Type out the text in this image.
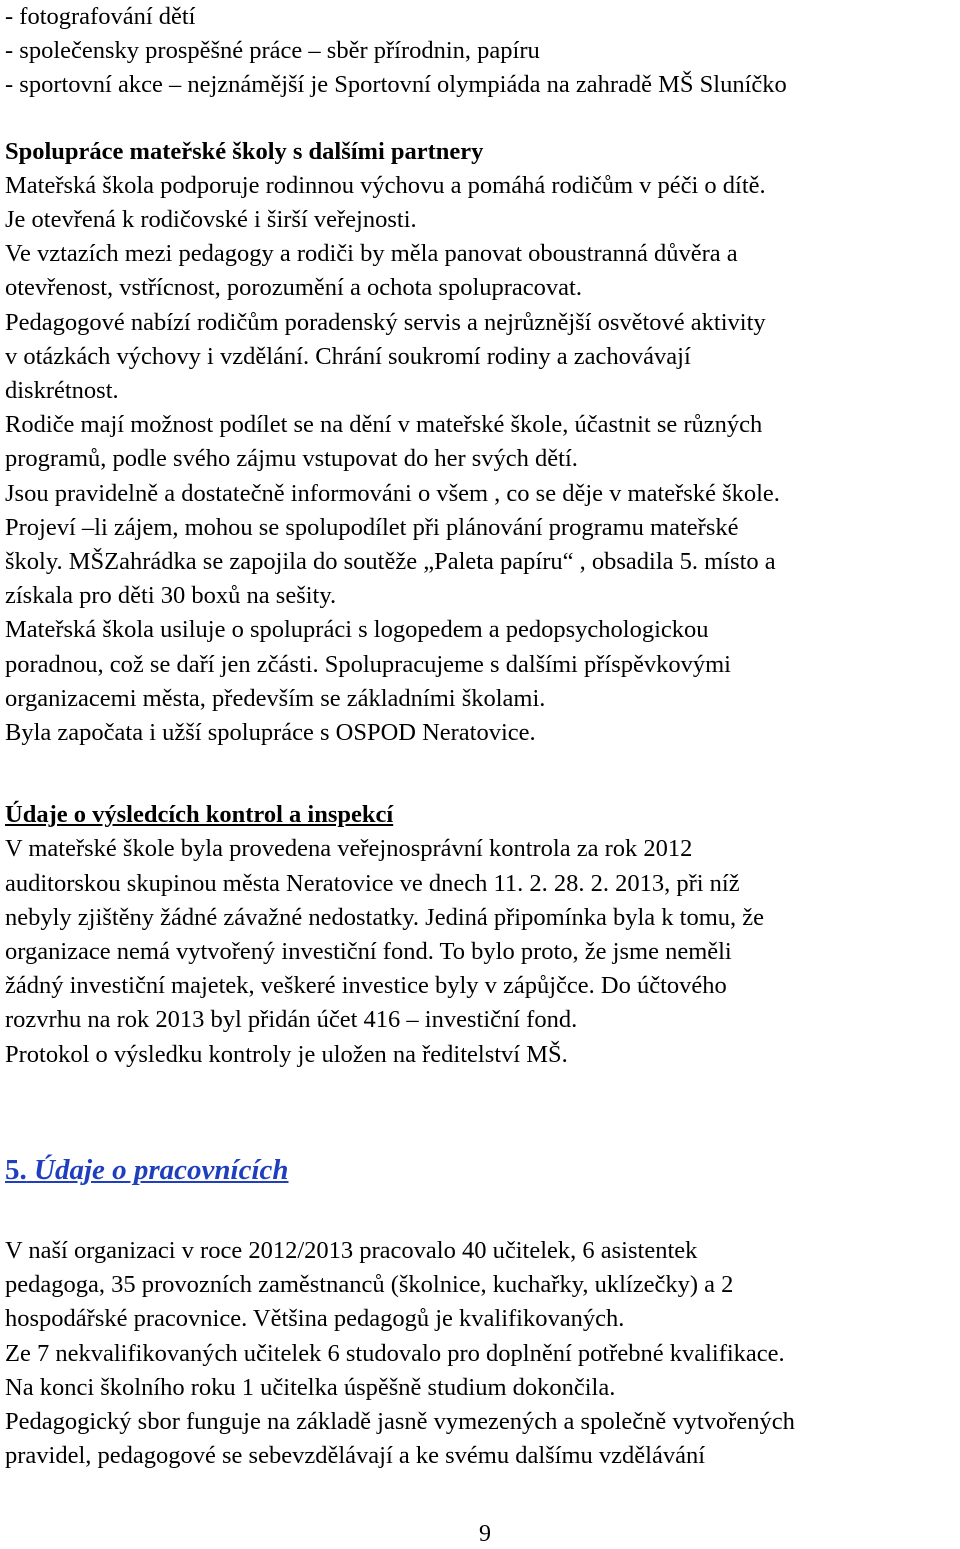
- fotografování dětí

- společensky prospěšné práce – sběr přírodnin, papíru

- sportovní akce – nejznámější je Sportovní olympiáda na zahradě MŠ Sluníčko

Spolupráce mateřské školy s dalšími partnery

Mateřská škola podporuje rodinnou výchovu a pomáhá rodičům v péči o dítě.

Je otevřená k rodičovské i širší veřejnosti.

Ve vztazích mezi pedagogy a rodiči by měla panovat oboustranná důvěra a

otevřenost, vstřícnost, porozumění a ochota spolupracovat.

Pedagogové nabízí rodičům poradenský servis a nejrůznější osvětové aktivity

v otázkách výchovy i vzdělání. Chrání soukromí rodiny a zachovávají

diskrétnost.

Rodiče mají možnost podílet se na dění v mateřské škole, účastnit se různých

programů, podle svého zájmu vstupovat do her svých dětí.

Jsou pravidelně a dostatečně informováni o všem , co se děje v mateřské škole.

Projeví –li zájem, mohou se spolupodílet při plánování programu mateřské

školy. MŠZahrádka se zapojila do soutěže „Paleta papíru“ , obsadila 5. místo a

získala pro děti 30 boxů na sešity.

Mateřská škola usiluje o spolupráci s logopedem a pedopsychologickou

poradnou, což se daří jen zčásti. Spolupracujeme s dalšími příspěvkovými

organizacemi města, především se základními školami.

Byla započata i užší spolupráce s OSPOD Neratovice.

Údaje o výsledcích kontrol a inspekcí

V mateřské škole byla provedena veřejnosprávní kontrola za rok 2012

auditorskou skupinou města Neratovice ve dnech 11. 2. 28. 2. 2013, při níž

nebyly zjištěny žádné závažné nedostatky. Jediná připomínka byla k tomu, že

organizace nemá vytvořený investiční fond. To bylo proto, že jsme neměli

žádný investiční majetek, veškeré investice byly v zápůjčce. Do účtového

rozvrhu na rok 2013 byl přidán účet 416 – investiční fond.

Protokol o výsledku kontroly je uložen na ředitelství MŠ.

5. Údaje o pracovnících

V naší organizaci v roce 2012/2013 pracovalo 40 učitelek, 6 asistentek

pedagoga, 35 provozních zaměstnanců (školnice, kuchařky, uklízečky) a 2

hospodářské pracovnice. Většina pedagogů je kvalifikovaných.

Ze 7 nekvalifikovaných učitelek 6 studovalo pro doplnění potřebné kvalifikace.

Na konci školního roku 1 učitelka úspěšně studium dokončila.

Pedagogický sbor funguje na základě jasně vymezených a společně vytvořených

pravidel, pedagogové se sebevzdělávají a ke svému dalšímu vzdělávání

9
